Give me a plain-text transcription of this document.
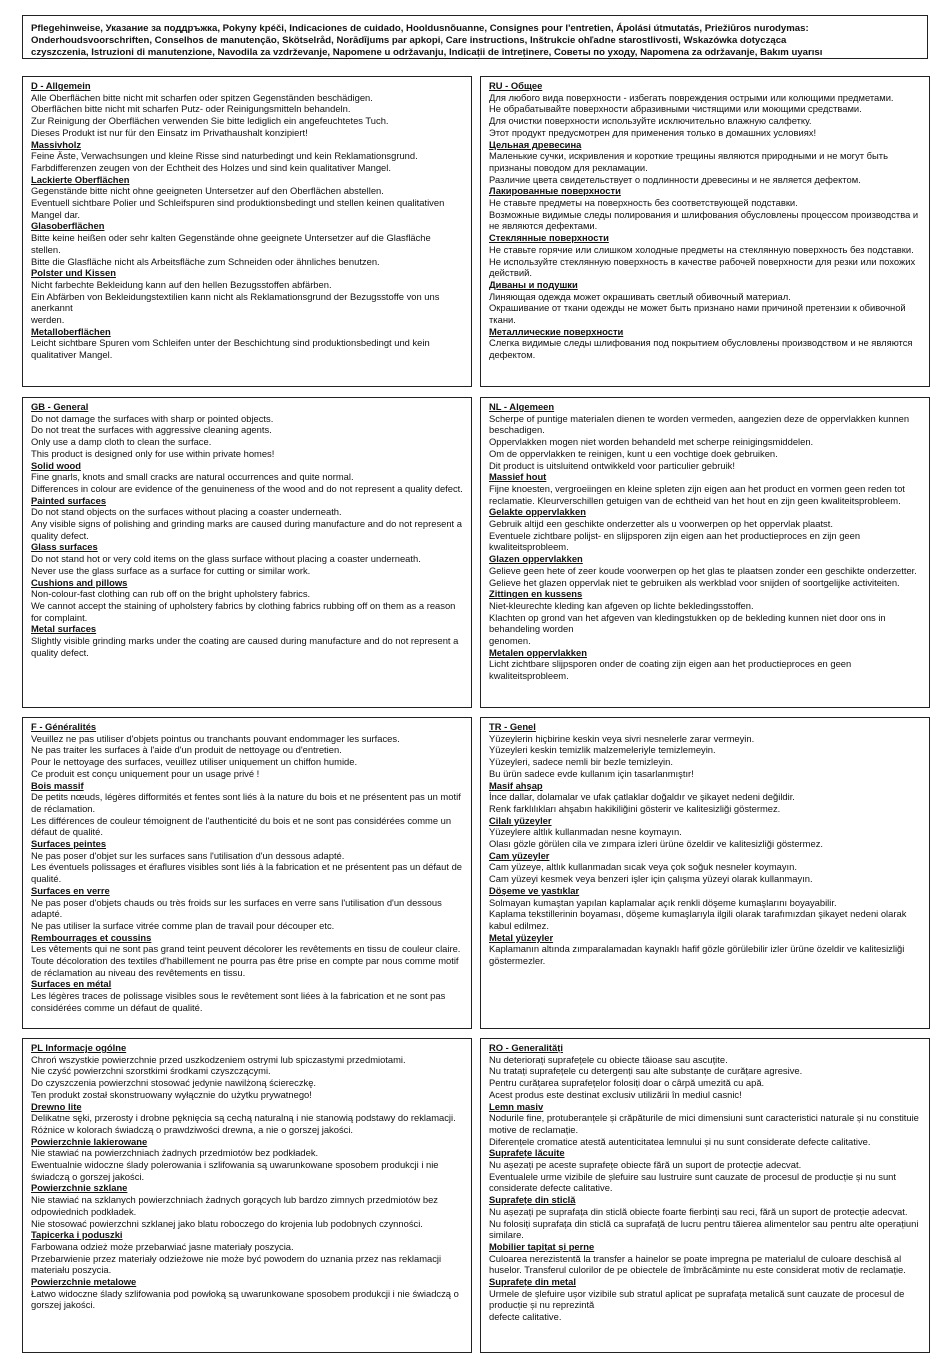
Pflegehinweise, Указание за поддръжка, Pokyny kpéči, Indicaciones de cuidado, Hooldusnõuanne, Consignes pour l'entretien, Ápolási útmutatás, Priežiūros nurodymas:

Onderhoudsvoorschriften, Conselhos de manutenção, Skötselråd, Norādījums par apkopi, Care instructions, Inštrukcie ohľadne starostlivosti, Wskazówka dotycząca

czyszczenia, Istruzioni di manutenzione, Navodila za vzdrževanje, Napomene u održavanju, Indicații de întreținere, Советы по уходу, Napomena za održavanje, Bakım uyarısı

D - Allgemein

Alle Oberflächen bitte nicht mit scharfen oder spitzen Gegenständen beschädigen.

Oberflächen bitte nicht mit scharfen Putz- oder Reinigungsmitteln behandeln.

Zur Reinigung der Oberflächen verwenden Sie bitte lediglich ein angefeuchtetes Tuch.

Dieses Produkt ist nur für den Einsatz im Privathaushalt konzipiert!

Massivholz

Feine Äste, Verwachsungen und kleine Risse sind naturbedingt und kein Reklamationsgrund.

Farbdifferenzen zeugen von der Echtheit des Holzes und sind kein qualitativer Mangel.

Lackierte Oberflächen

Gegenstände bitte nicht ohne geeigneten Untersetzer auf den Oberflächen abstellen.

Eventuell sichtbare Polier und Schleifspuren sind produktionsbedingt und stellen keinen qualitativen Mangel dar.

Glasoberflächen

Bitte keine heißen oder sehr kalten Gegenstände ohne geeignete Untersetzer auf die Glasfläche stellen.

Bitte die Glasfläche nicht als Arbeitsfläche zum Schneiden oder ähnliches benutzen.

Polster und Kissen

Nicht farbechte Bekleidung kann auf den hellen Bezugsstoffen abfärben.

Ein Abfärben von Bekleidungstextilien kann nicht als Reklamationsgrund der Bezugsstoffe von uns anerkannt

werden.

Metalloberflächen

Leicht sichtbare Spuren vom Schleifen unter der Beschichtung sind produktionsbedingt und kein qualitativer Mangel.

RU - Общее

Для любого вида поверхности - избегать повреждения острыми или колющими предметами.

Не обрабатывайте поверхности абразивными чистящими или моющими средствами.

Для очистки поверхности используйте исключительно влажную салфетку.

Этот продукт предусмотрен для применения только в домашних условиях!

Цельная древесина

Маленькие сучки, искривления и короткие трещины являются природными и не могут быть признаны поводом для рекламации.

Различие цвета свидетельствует о подлинности древесины и не является дефектом.

Лакированные поверхности

Не ставьте предметы на поверхность без соответствующей подставки.

Возможные видимые следы полирования и шлифования обусловлены процессом производства и не являются дефектами.

Стеклянные поверхности

Не ставьте горячие или слишком холодные предметы на стеклянную поверхность без подставки.

Не используйте стеклянную поверхность в качестве рабочей поверхности для резки или похожих действий.

Диваны и подушки

Линяющая одежда может окрашивать светлый обивочный материал.

Окрашивание от ткани одежды не может быть признано нами причиной претензии к обивочной ткани.

Металлические поверхности

Слегка видимые следы шлифования под покрытием обусловлены производством и не являются дефектом.

GB - General

Do not damage the surfaces with sharp or pointed objects.

Do not treat the surfaces with aggressive cleaning agents.

Only use a damp cloth to clean the surface.

This product is designed only for use within private homes!

Solid wood

Fine gnarls, knots and small cracks are natural occurrences and quite normal.

Differences in colour are evidence of the genuineness of the wood and do not represent a quality defect.

Painted surfaces

Do not stand objects on the surfaces without placing a coaster underneath.

Any visible signs of polishing and grinding marks are caused during manufacture and do not represent a quality defect.

Glass surfaces

Do not stand hot or very cold items on the glass surface without placing a coaster underneath.

Never use the glass surface as a surface for cutting or similar work.

Cushions and pillows

Non-colour-fast clothing can rub off on the bright upholstery fabrics.

We cannot accept the staining of upholstery fabrics by clothing fabrics rubbing off on them as a reason for complaint.

Metal surfaces

Slightly visible grinding marks under the coating are caused during manufacture and do not represent a quality defect.

NL - Algemeen

Scherpe of puntige materialen dienen te worden vermeden, aangezien deze de oppervlakken kunnen beschadigen.

Oppervlakken mogen niet worden behandeld met scherpe reinigingsmiddelen.

Om de oppervlakken te reinigen, kunt u een vochtige doek gebruiken.

Dit product is uitsluitend ontwikkeld voor particulier gebruik!

Massief hout

Fijne knoesten, vergroeiingen en kleine spleten zijn eigen aan het product en vormen geen reden tot reclamatie. Kleurverschillen getuigen van de echtheid van het hout en zijn geen kwaliteitsprobleem.

Gelakte oppervlakken

Gebruik altijd een geschikte onderzetter als u voorwerpen op het oppervlak plaatst.

Eventuele zichtbare polijst- en slijpsporen zijn eigen aan het productieproces en zijn geen kwaliteitsprobleem.

Glazen oppervlakken

Gelieve geen hete of zeer koude voorwerpen op het glas te plaatsen zonder een geschikte onderzetter. Gelieve het glazen oppervlak niet te gebruiken als werkblad voor snijden of soortgelijke activiteiten.

Zittingen en kussens

Niet-kleurechte kleding kan afgeven op lichte bekledingsstoffen.

Klachten op grond van het afgeven van kledingstukken op de bekleding kunnen niet door ons in behandeling worden

genomen.

Metalen oppervlakken

Licht zichtbare slijpsporen onder de coating zijn eigen aan het productieproces en geen kwaliteitsprobleem.

F - Généralités

Veuillez ne pas utiliser d'objets pointus ou tranchants pouvant endommager les surfaces.

Ne pas traiter les surfaces à l'aide d'un produit de nettoyage ou d'entretien.

Pour le nettoyage des surfaces, veuillez utiliser uniquement un chiffon humide.

Ce produit est conçu uniquement pour un usage privé !

Bois massif

De petits nœuds, légères difformités et fentes sont liés à la nature du bois et ne présentent pas un motif de réclamation.

Les différences de couleur témoignent de l'authenticité du bois et ne sont pas considérées comme un défaut de qualité.

Surfaces peintes

Ne pas poser d'objet sur les surfaces sans l'utilisation d'un dessous adapté.

Les éventuels polissages et éraflures visibles sont liés à la fabrication et ne présentent pas un défaut de qualité.

Surfaces en verre

Ne pas poser d'objets chauds ou très froids sur les surfaces en verre sans l'utilisation d'un dessous adapté.

Ne pas utiliser la surface vitrée comme plan de travail pour découper etc.

Rembourrages et coussins

Les vêtements qui ne sont pas grand teint peuvent décolorer les revêtements en tissu de couleur claire.

Toute décoloration des textiles d'habillement ne pourra pas être prise en compte par nous comme motif de réclamation au niveau des revêtements en tissu.

Surfaces en métal

Les légères traces de polissage visibles sous le revêtement sont liées à la fabrication et ne sont pas considérées comme un défaut de qualité.

TR - Genel

Yüzeylerin hiçbirine keskin veya sivri nesnelerle zarar vermeyin.

Yüzeyleri keskin temizlik malzemeleriyle temizlemeyin.

Yüzeyleri, sadece nemli bir bezle temizleyin.

Bu ürün sadece evde kullanım için tasarlanmıştır!

Masif ahşap

İnce dallar, dolamalar ve ufak çatlaklar doğaldır ve şikayet nedeni değildir.

Renk farklılıkları ahşabın hakikiliğini gösterir ve kalitesizliği göstermez.

Cilalı yüzeyler

Yüzeylere altlık kullanmadan nesne koymayın.

Olası gözle görülen cila ve zımpara izleri ürüne özeldir ve kalitesizliği göstermez.

Cam yüzeyler

Cam yüzeye, altlık kullanmadan sıcak veya çok soğuk nesneler koymayın.

Cam yüzeyi kesmek veya benzeri işler için çalışma yüzeyi olarak kullanmayın.

Döşeme ve yastıklar

Solmayan kumaştan yapılan kaplamalar açık renkli döşeme kumaşlarını boyayabilir.

Kaplama tekstillerinin boyaması, döşeme kumaşlarıyla ilgili olarak tarafımızdan şikayet nedeni olarak kabul edilmez.

Metal yüzeyler

Kaplamanın altında zımparalamadan kaynaklı hafif gözle görülebilir izler ürüne özeldir ve kalitesizliği göstermezler.

PL Informacje ogólne

Chroń wszystkie powierzchnie przed uszkodzeniem ostrymi lub spiczastymi przedmiotami.

Nie czyść powierzchni szorstkimi środkami czyszczącymi.

Do czyszczenia powierzchni stosować jedynie nawilżoną ściereczkę.

Ten produkt został skonstruowany wyłącznie do użytku prywatnego!

Drewno lite

Delikatne sęki, przerosty i drobne pęknięcia są cechą naturalną i nie stanowią podstawy do reklamacji.

Różnice w kolorach świadczą o prawdziwości drewna, a nie o gorszej jakości.

Powierzchnie lakierowane

Nie stawiać na powierzchniach żadnych przedmiotów bez podkładek.

Ewentualnie widoczne ślady polerowania i szlifowania są uwarunkowane sposobem produkcji i nie świadczą o gorszej jakości.

Powierzchnie szklane

Nie stawiać na szklanych powierzchniach żadnych gorących lub bardzo zimnych przedmiotów bez odpowiednich podkładek.

Nie stosować powierzchni szklanej jako blatu roboczego do krojenia lub podobnych czynności.

Tapicerka i poduszki

Farbowana odzież może przebarwiać jasne materiały poszycia.

Przebarwienie przez materiały odzieżowe nie może być powodem do uznania przez nas reklamacji materiału poszycia.

Powierzchnie metalowe

Łatwo widoczne ślady szlifowania pod powłoką są uwarunkowane sposobem produkcji i nie świadczą o gorszej jakości.

RO - Generalități

Nu deteriorați suprafețele cu obiecte tăioase sau ascuțite.

Nu tratați suprafețele cu detergenți sau alte substanțe de curățare agresive.

Pentru curățarea suprafețelor folosiți doar o cârpă umezită cu apă.

Acest produs este destinat exclusiv utilizării în mediul casnic!

Lemn masiv

Nodurile fine, protuberanțele și crăpăturile de mici dimensiuni sunt caracteristici naturale și nu constituie motive de reclamație.

Diferențele cromatice atestă autenticitatea lemnului și nu sunt considerate defecte calitative.

Suprafețe lăcuite

Nu așezați pe aceste suprafețe obiecte fără un suport de protecție adecvat.

Eventualele urme vizibile de șlefuire sau lustruire sunt cauzate de procesul de producție și nu sunt considerate defecte calitative.

Suprafețe din sticlă

Nu așezați pe suprafața din sticlă obiecte foarte fierbinți sau reci, fără un suport de protecție adecvat. Nu folosiți suprafața din sticlă ca suprafață de lucru pentru tăierea alimentelor sau pentru alte operațiuni similare.

Mobilier tapițat și perne

Culoarea nerezistentă la transfer a hainelor se poate impregna pe materialul de culoare deschisă al huselor. Transferul culorilor de pe obiectele de îmbrăcăminte nu este considerat motiv de reclamație.

Suprafețe din metal

Urmele de șlefuire ușor vizibile sub stratul aplicat pe suprafața metalică sunt cauzate de procesul de producție și nu reprezintă

defecte calitative.
